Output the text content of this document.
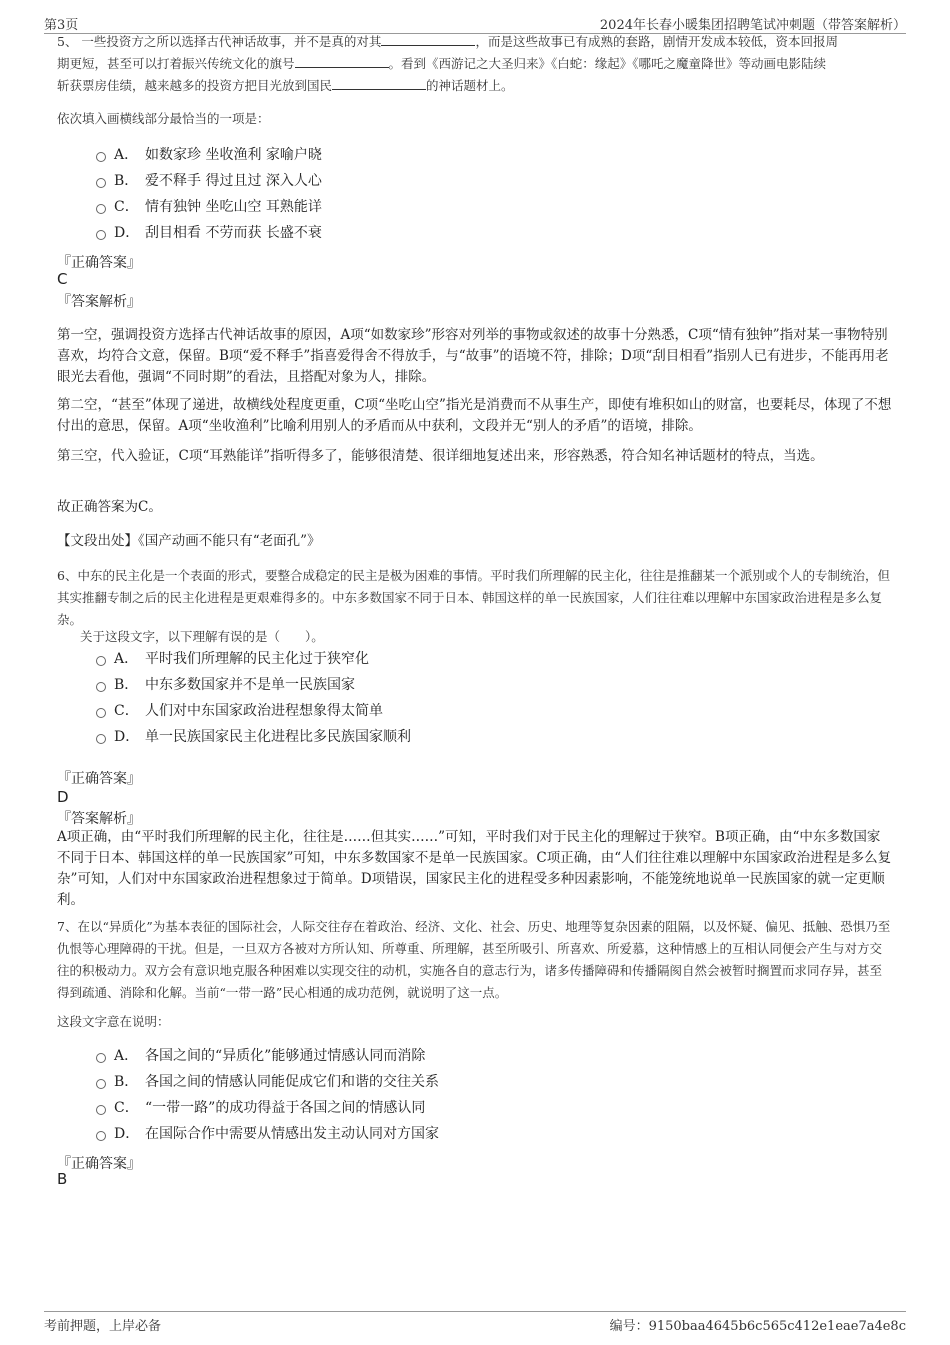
5、 一些投资方之所以选择古代神话故事，并不是真的对其	，而是这些故事已有成熟的套路，剧情开发成本较低，资本回报周
期更短，甚至可以打着振兴传统文化的旗号	。看到《西游记之大圣归来》《白蛇：缘起》《哪吒之魔童降世》等动画电影陆续
斩获票房佳绩，越来越多的投资方把目光放到国民	的神话题材上。
第3页	2024年长春小暖集团招聘笔试冲刺题（带答案解析）
依次填入画横线部分最恰当的一项是：
A． 如数家珍 坐收渔利 家喻户晓
B． 爱不释手 得过且过 深入人心
C． 情有独钟 坐吃山空 耳熟能详
D． 刮目相看 不劳而获 长盛不衰
『正确答案』
C
『答案解析』
第一空，强调投资方选择古代神话故事的原因，A项“如数家珍”形容对列举的事物或叙述的故事十分熟悉，C项“情有独钟”指对某一事物特别喜欢，均符合文意，保留。B项“爱不释手”指喜爱得舍不得放手，与“故事”的语境不符，排除；D项“刮目相看”指别人已有进步，不能再用老眼光去看他，强调“不同时期”的看法，且搭配对象为人，排除。
第二空，“甚至”体现了递进，故横线处程度更重，C项“坐吃山空”指光是消费而不从事生产，即使有堆积如山的财富，也要耗尽，体现了不想付出的意思，保留。A项“坐收渔利”比喻利用别人的矛盾而从中获利，文段并无“别人的矛盾”的语境，排除。
第三空，代入验证，C项“耳熟能详”指听得多了，能够很清楚、很详细地复述出来，形容熟悉，符合知名神话题材的特点，当选。
故正确答案为C。
【文段出处】《国产动画不能只有“老面孔”》
6、中东的民主化是一个表面的形式，要整合成稳定的民主是极为困难的事情。平时我们所理解的民主化，往往是推翻某一个派别或个人的专制统治，但其实推翻专制之后的民主化进程是更艰难得多的。中东多数国家不同于日本、韩国这样的单一民族国家，人们往往难以理解中东国家政治进程是多么复杂。
关于这段文字，以下理解有误的是（　　）。
A． 平时我们所理解的民主化过于狭窄化
B． 中东多数国家并不是单一民族国家
C． 人们对中东国家政治进程想象得太简单
D． 单一民族国家民主化进程比多民族国家顺利
『正确答案』
D
『答案解析』
A项正确，由“平时我们所理解的民主化，往往是……但其实……”可知，平时我们对于民主化的理解过于狭窄。B项正确，由“中东多数国家不同于日本、韩国这样的单一民族国家”可知，中东多数国家不是单一民族国家。C项正确，由“人们往往难以理解中东国家政治进程是多么复杂”可知，人们对中东国家政治进程想象过于简单。D项错误，国家民主化的进程受多种因素影响，不能笼统地说单一民族国家的就一定更顺利。
7、在以“异质化”为基本表征的国际社会，人际交往存在着政治、经济、文化、社会、历史、地理等复杂因素的阻隔，以及怀疑、偏见、抵触、恐惧乃至仇恨等心理障碍的干扰。但是，一旦双方各被对方所认知、所尊重、所理解，甚至所吸引、所喜欢、所爱慕，这种情感上的互相认同便会产生与对方交往的积极动力。双方会有意识地克服各种困难以实现交往的动机，实施各自的意志行为，诸多传播障碍和传播隔阂自然会被暂时搁置而求同存异，甚至得到疏通、消除和化解。当前“一带一路”民心相通的成功范例，就说明了这一点。
这段文字意在说明：
A． 各国之间的“异质化”能够通过情感认同而消除
B． 各国之间的情感认同能促成它们和谐的交往关系
C． “一带一路”的成功得益于各国之间的情感认同
D． 在国际合作中需要从情感出发主动认同对方国家
『正确答案』
B
考前押题，上岸必备	编号：9150baa4645b6c565c412e1eae7a4e8c
